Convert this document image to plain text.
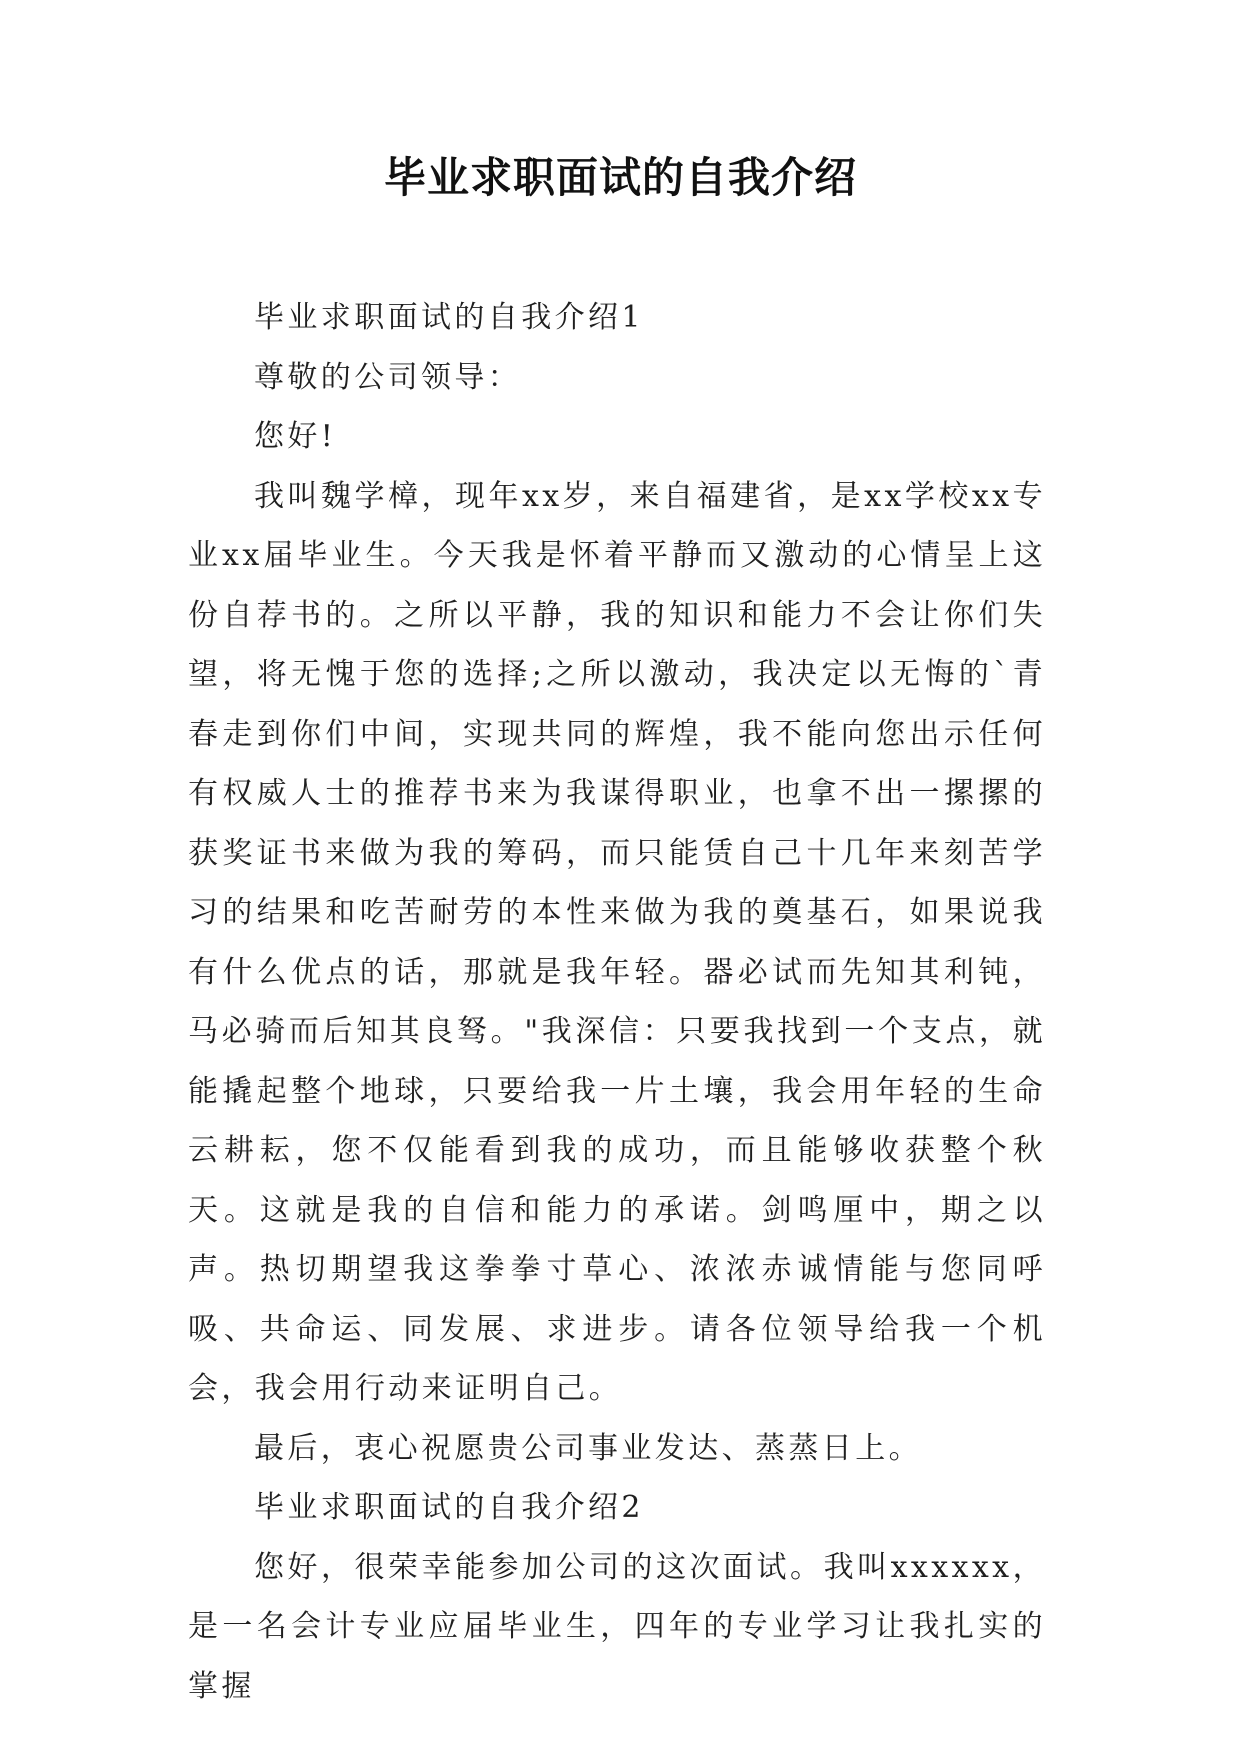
毕业求职面试的自我介绍

毕业求职面试的自我介绍1

尊敬的公司领导：

您好!

我叫魏学樟，现年xx岁，来自福建省，是xx学校xx专业xx届毕业生。今天我是怀着平静而又激动的心情呈上这份自荐书的。之所以平静，我的知识和能力不会让你们失望，将无愧于您的选择;之所以激动，我决定以无悔的`青春走到你们中间，实现共同的辉煌，我不能向您出示任何有权威人士的推荐书来为我谋得职业，也拿不出一摞摞的获奖证书来做为我的筹码，而只能赁自己十几年来刻苦学习的结果和吃苦耐劳的本性来做为我的奠基石，如果说我有什么优点的话，那就是我年轻。器必试而先知其利钝，马必骑而后知其良驽。"我深信：只要我找到一个支点，就能撬起整个地球，只要给我一片土壤，我会用年轻的生命云耕耘，您不仅能看到我的成功，而且能够收获整个秋天。这就是我的自信和能力的承诺。剑鸣厘中，期之以声。热切期望我这拳拳寸草心、浓浓赤诚情能与您同呼吸、共命运、同发展、求进步。请各位领导给我一个机会，我会用行动来证明自己。

最后，衷心祝愿贵公司事业发达、蒸蒸日上。

毕业求职面试的自我介绍2

您好，很荣幸能参加公司的这次面试。我叫xxxxxx，是一名会计专业应届毕业生，四年的专业学习让我扎实的掌握
